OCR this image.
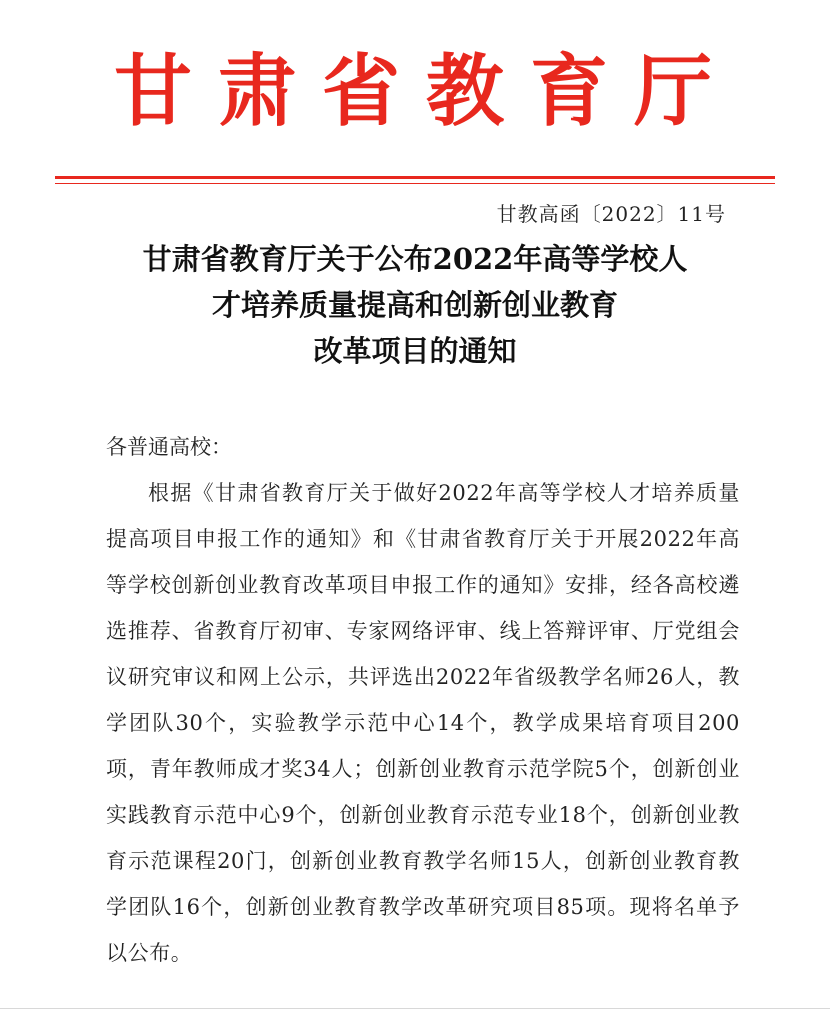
甘肃省教育厅
甘教高函〔2022〕11号
甘肃省教育厅关于公布2022年高等学校人
才培养质量提高和创新创业教育
改革项目的通知
各普通高校：
根据《甘肃省教育厅关于做好2022年高等学校人才培养质量提高项目申报工作的通知》和《甘肃省教育厅关于开展2022年高等学校创新创业教育改革项目申报工作的通知》安排，经各高校遴选推荐、省教育厅初审、专家网络评审、线上答辩评审、厅党组会议研究审议和网上公示，共评选出2022年省级教学名师26人，教学团队30个，实验教学示范中心14个，教学成果培育项目200项，青年教师成才奖34人；创新创业教育示范学院5个，创新创业实践教育示范中心9个，创新创业教育示范专业18个，创新创业教育示范课程20门，创新创业教育教学名师15人，创新创业教育教学团队16个，创新创业教育教学改革研究项目85项。现将名单予以公布。
